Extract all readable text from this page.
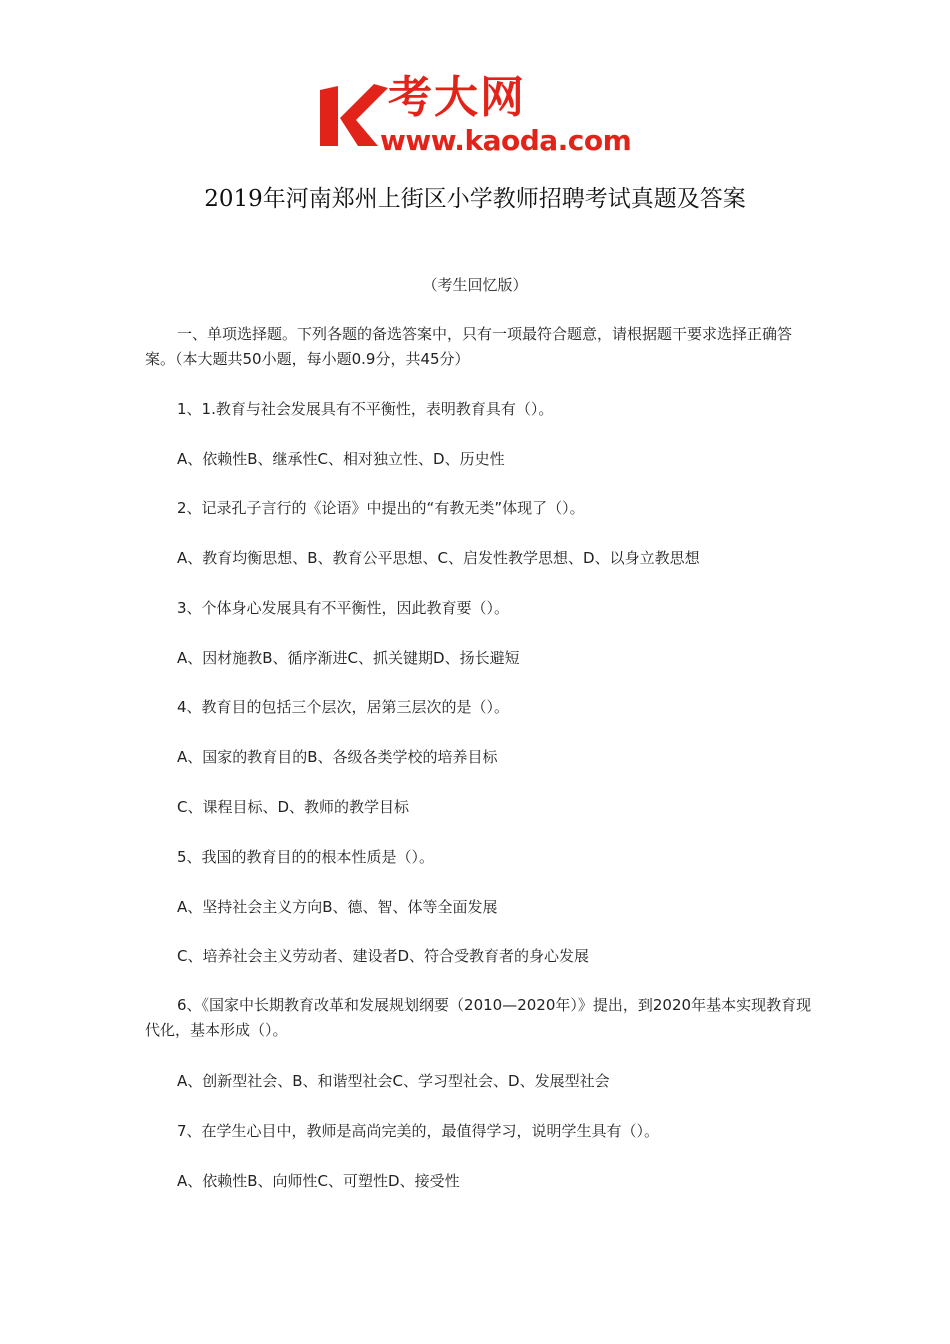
考大网
www.kaoda.com
2019年河南郑州上街区小学教师招聘考试真题及答案
（考生回忆版）
一、单项选择题。下列各题的备选答案中，只有一项最符合题意，请根据题干要求选择正确答案。（本大题共50小题，每小题0.9分，共45分）
1、1.教育与社会发展具有不平衡性，表明教育具有（）。
A、依赖性B、继承性C、相对独立性、D、历史性
2、记录孔子言行的《论语》中提出的“有教无类”体现了（）。
A、教育均衡思想、B、教育公平思想、C、启发性教学思想、D、以身立教思想
3、个体身心发展具有不平衡性，因此教育要（）。
A、因材施教B、循序渐进C、抓关键期D、扬长避短
4、教育目的包括三个层次，居第三层次的是（）。
A、国家的教育目的B、各级各类学校的培养目标
C、课程目标、D、教师的教学目标
5、我国的教育目的的根本性质是（）。
A、坚持社会主义方向B、德、智、体等全面发展
C、培养社会主义劳动者、建设者D、符合受教育者的身心发展
6、《国家中长期教育改革和发展规划纲要（2010—2020年）》提出，到2020年基本实现教育现代化，基本形成（）。
A、创新型社会、B、和谐型社会C、学习型社会、D、发展型社会
7、在学生心目中，教师是高尚完美的，最值得学习，说明学生具有（）。
A、依赖性B、向师性C、可塑性D、接受性
